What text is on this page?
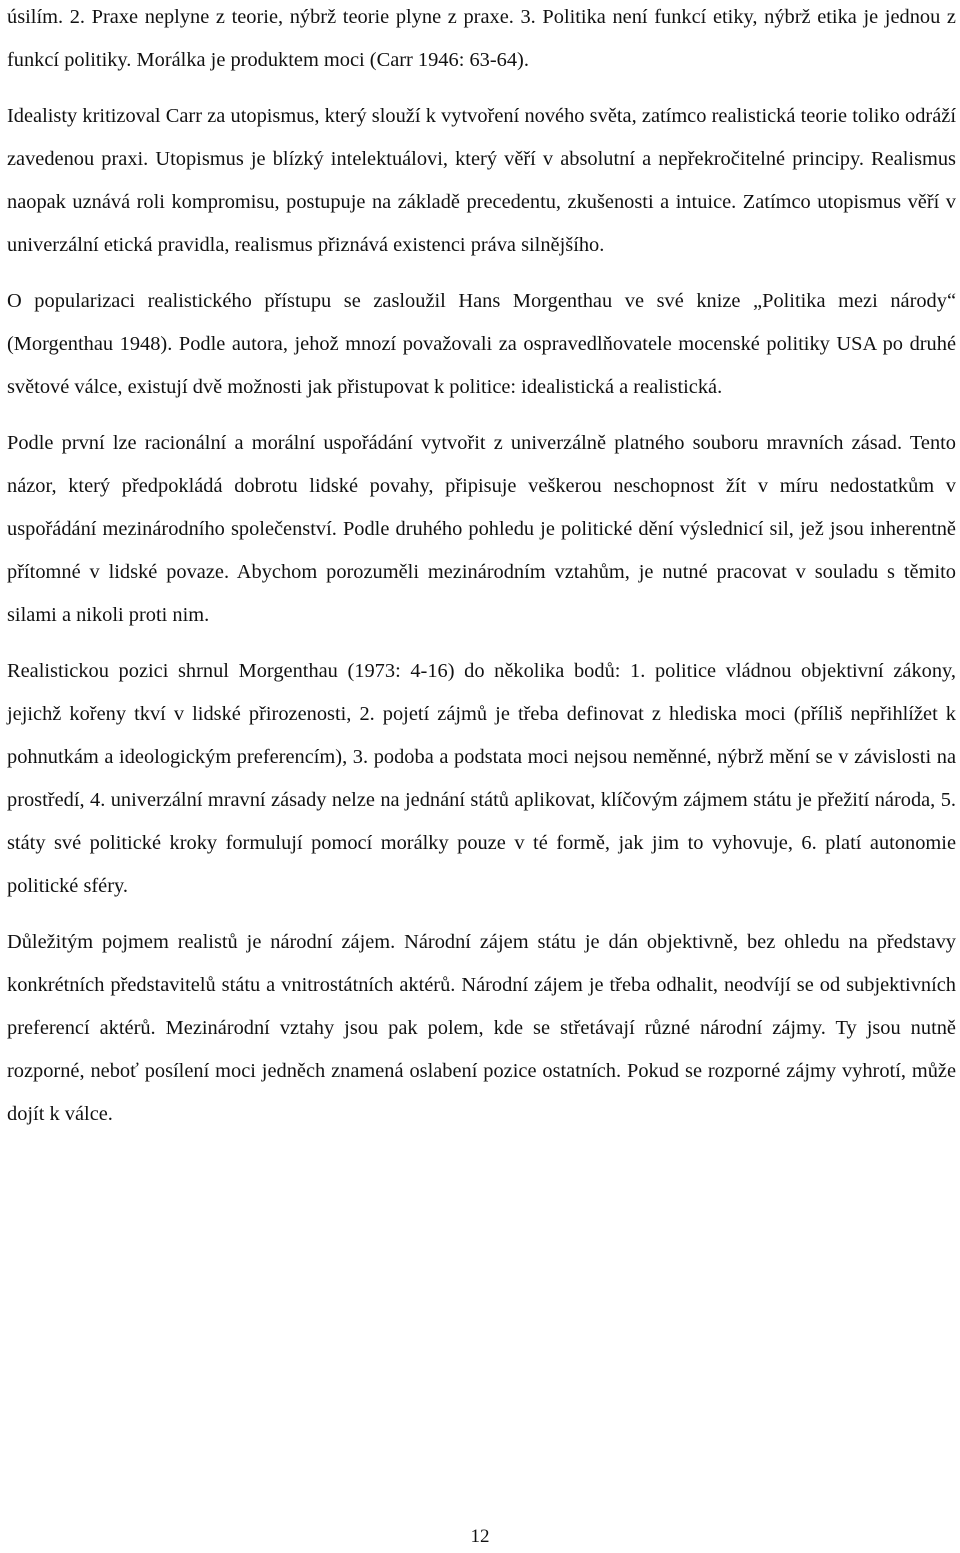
úsilím. 2. Praxe neplyne z teorie, nýbrž teorie plyne z praxe. 3. Politika není funkcí etiky, nýbrž etika je jednou z funkcí politiky. Morálka je produktem moci (Carr 1946: 63-64).

Idealisty kritizoval Carr za utopismus, který slouží k vytvoření nového světa, zatímco realistická teorie toliko odráží zavedenou praxi. Utopismus je blízký intelektuálovi, který věří v absolutní a nepřekročitelné principy. Realismus naopak uznává roli kompromisu, postupuje na základě precedentu, zkušenosti a intuice. Zatímco utopismus věří v univerzální etická pravidla, realismus přiznává existenci práva silnějšího.

O popularizaci realistického přístupu se zasloužil Hans Morgenthau ve své knize „Politika mezi národy“ (Morgenthau 1948). Podle autora, jehož mnozí považovali za ospravedlňovatele mocenské politiky USA po druhé světové válce, existují dvě možnosti jak přistupovat k politice: idealistická a realistická.

Podle první lze racionální a morální uspořádání vytvořit z univerzálně platného souboru mravních zásad. Tento názor, který předpokládá dobrotu lidské povahy, připisuje veškerou neschopnost žít v míru nedostatkům v uspořádání mezinárodního společenství. Podle druhého pohledu je politické dění výslednicí sil, jež jsou inherentně přítomné v lidské povaze. Abychom porozuměli mezinárodním vztahům, je nutné pracovat v souladu s těmito silami a nikoli proti nim.

Realistickou pozici shrnul Morgenthau (1973: 4-16) do několika bodů: 1. politice vládnou objektivní zákony, jejichž kořeny tkví v lidské přirozenosti, 2. pojetí zájmů je třeba definovat z hlediska moci (příliš nepřihlížet k pohnutkám a ideologickým preferencím), 3. podoba a podstata moci nejsou neměnné, nýbrž mění se v závislosti na prostředí, 4. univerzální mravní zásady nelze na jednání států aplikovat, klíčovým zájmem státu je přežití národa, 5. státy své politické kroky formulují pomocí morálky pouze v té formě, jak jim to vyhovuje, 6. platí autonomie politické sféry.

Důležitým pojmem realistů je národní zájem. Národní zájem státu je dán objektivně, bez ohledu na představy konkrétních představitelů státu a vnitrostátních aktérů. Národní zájem je třeba odhalit, neodvíjí se od subjektivních preferencí aktérů. Mezinárodní vztahy jsou pak polem, kde se střetávají různé národní zájmy. Ty jsou nutně rozporné, neboť posílení moci jedněch znamená oslabení pozice ostatních. Pokud se rozporné zájmy vyhrotí, může dojít k válce.

12
